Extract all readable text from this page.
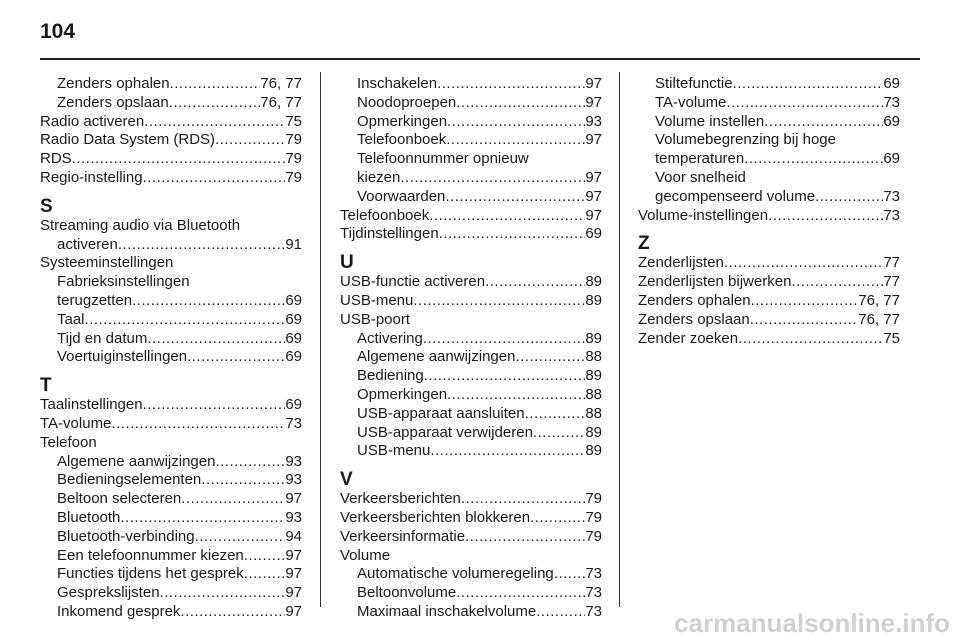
104
Zenders ophalen .....	76, 77
Zenders opslaan .....	76, 77
Radio activeren .....	75
Radio Data System (RDS) .....	79
RDS .....	79
Regio-instelling .....	79
S
Streaming audio via Bluetooth
activeren .....	91
Systeeminstellingen
Fabrieksinstellingen
terugzetten .....	69
Taal .....	69
Tijd en datum .....	69
Voertuiginstellingen .....	69
T
Taalinstellingen .....	69
TA-volume .....	73
Telefoon
Algemene aanwijzingen .....	93
Bedieningselementen .....	93
Beltoon selecteren .....	97
Bluetooth .....	93
Bluetooth-verbinding .....	94
Een telefoonnummer kiezen .....	97
Functies tijdens het gesprek .....	97
Gesprekslijsten .....	97
Inkomend gesprek .....	97
Inschakelen .....	97
Noodoproepen .....	97
Opmerkingen .....	93
Telefoonboek .....	97
Telefoonnummer opnieuw
kiezen .....	97
Voorwaarden .....	97
Telefoonboek .....	97
Tijdinstellingen .....	69
U
USB-functie activeren .....	89
USB-menu .....	89
USB-poort
Activering .....	89
Algemene aanwijzingen .....	88
Bediening .....	89
Opmerkingen .....	88
USB-apparaat aansluiten .....	88
USB-apparaat verwijderen .....	89
USB-menu .....	89
V
Verkeersberichten .....	79
Verkeersberichten blokkeren .....	79
Verkeersinformatie .....	79
Volume
Automatische volumeregeling ..... 73
Beltoonvolume .....	73
Maximaal inschakelvolume .....	73
Stiltefunctie .....	69
TA-volume .....	73
Volume instellen .....	69
Volumebegrenzing bij hoge
temperaturen .....	69
Voor snelheid
gecompenseerd volume .....	73
Volume-instellingen .....	73
Z
Zenderlijsten .....	77
Zenderlijsten bijwerken .....	77
Zenders ophalen .....	76, 77
Zenders opslaan .....	76, 77
Zender zoeken .....	75
carmanualsonline.info
